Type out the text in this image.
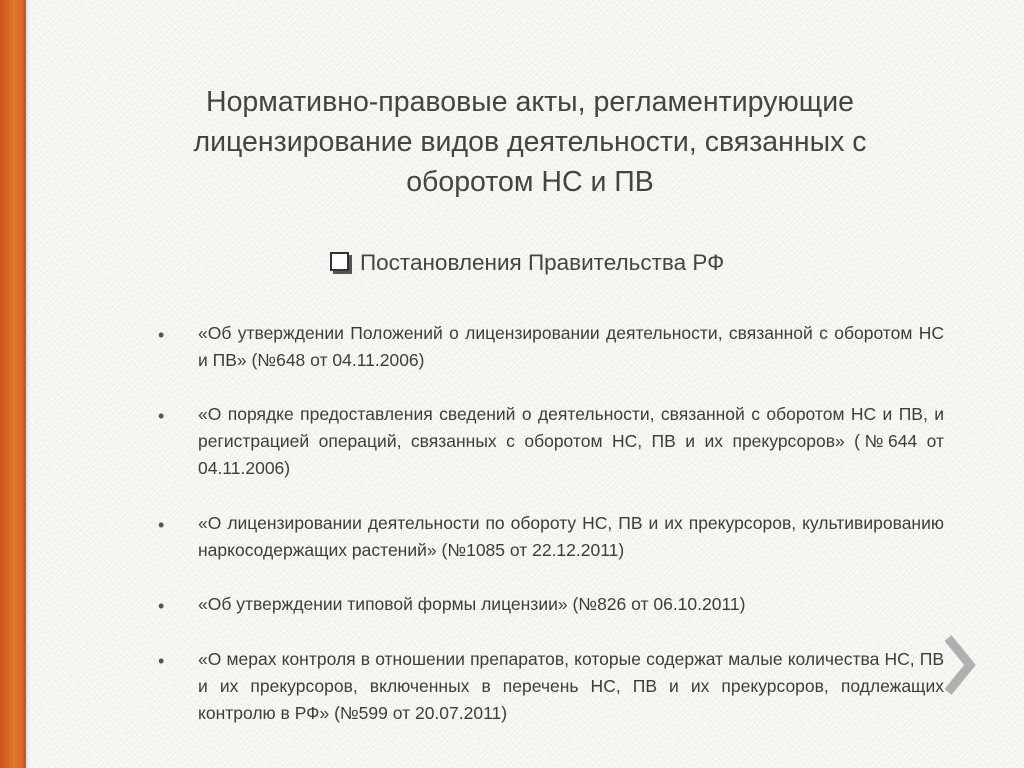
Нормативно-правовые акты, регламентирующие
лицензирование видов деятельности, связанных с
оборотом НС и ПВ
Постановления Правительства РФ
• «Об утверждении Положений о лицензировании деятельности, связанной с оборотом НС и ПВ» (№648 от 04.11.2006)
• «О порядке предоставления сведений о деятельности, связанной с оборотом НС и ПВ, и регистрацией операций, связанных с оборотом НС, ПВ и их прекурсоров» (№644 от 04.11.2006)
• «О лицензировании деятельности по обороту НС, ПВ и их прекурсоров, культивированию наркосодержащих растений» (№1085 от 22.12.2011)
• «Об утверждении типовой формы лицензии» (№826 от 06.10.2011)
• «О мерах контроля в отношении препаратов, которые содержат малые количества НС, ПВ и их прекурсоров, включенных в перечень НС, ПВ и их прекурсоров, подлежащих контролю в РФ» (№599 от 20.07.2011)
